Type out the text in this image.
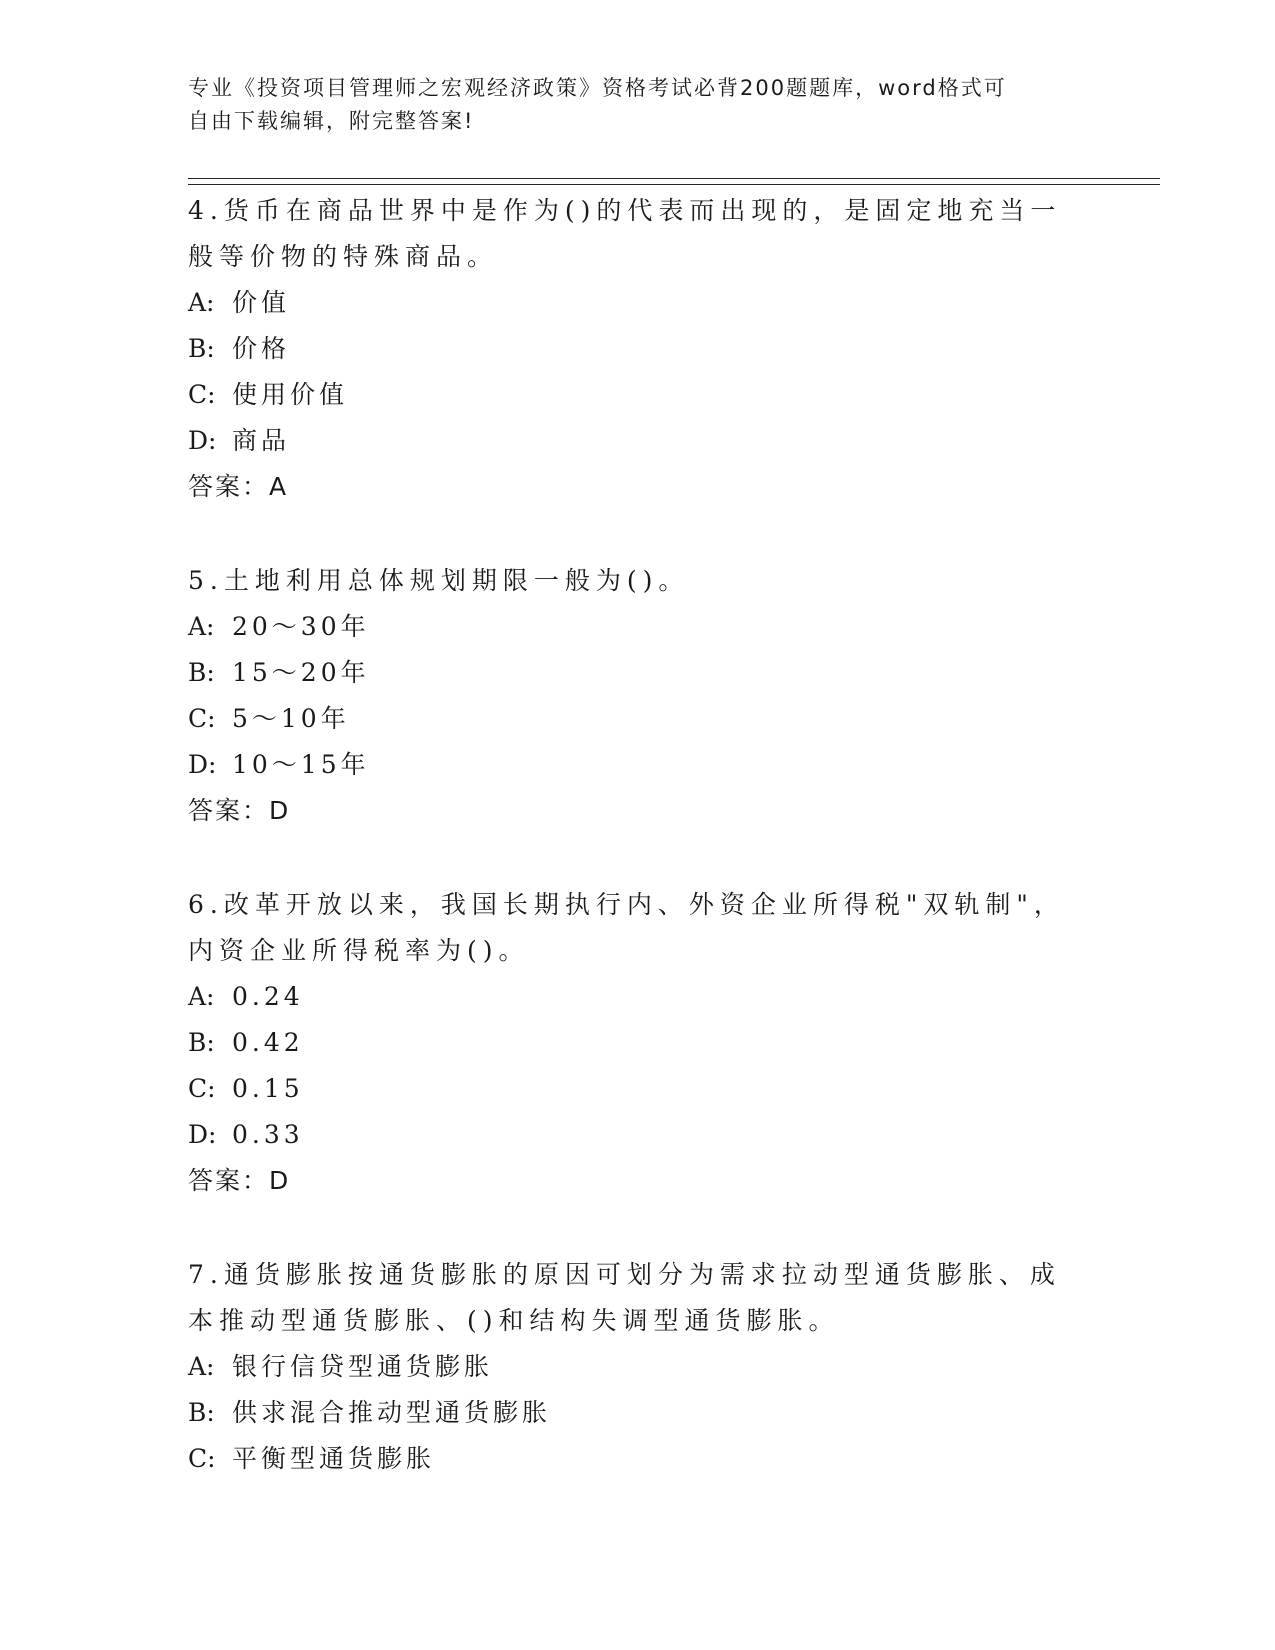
专业《投资项目管理师之宏观经济政策》资格考试必背200题题库，word格式可
自由下载编辑，附完整答案!
4.货币在商品世界中是作为()的代表而出现的，是固定地充当一般等价物的特殊商品。
A: 价值
B: 价格
C: 使用价值
D: 商品
答案：A
5.土地利用总体规划期限一般为()。
A: 20～30年
B: 15～20年
C: 5～10年
D: 10～15年
答案：D
6.改革开放以来，我国长期执行内、外资企业所得税"双轨制"，内资企业所得税率为()。
A: 0.24
B: 0.42
C: 0.15
D: 0.33
答案：D
7.通货膨胀按通货膨胀的原因可划分为需求拉动型通货膨胀、成本推动型通货膨胀、()和结构失调型通货膨胀。
A: 银行信贷型通货膨胀
B: 供求混合推动型通货膨胀
C: 平衡型通货膨胀
